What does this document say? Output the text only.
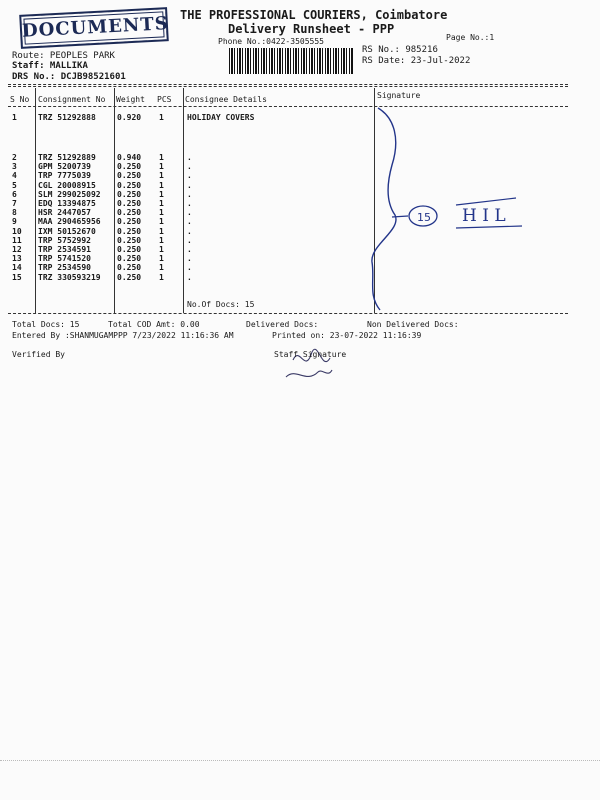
DOCUMENTS THE PROFESSIONAL COURIERS, Coimbatore
Delivery Runsheet - PPP
Phone No.:0422-3505555	Page No.:1
Route: PEOPLES PARK
Staff: MALLIKA
DRS No.: DCJB98521601
RS No.: 985216
RS Date: 23-Jul-2022
S No Consignment No Weight PCS Consignee Details	Signature
1	TRZ 51292888	0.920 1	HOLIDAY COVERS
2	TRZ 51292889	0.940 1	.
3	GPM 5200739	0.250 1	.
4	TRP 7775039	0.250 1	.
5	CGL 20008915	0.250 1	.
6	SLM 299025092 0.250 1	.
7	EDQ 13394875	0.250 1	.
8	HSR 2447057	0.250 1	.
9	MAA 290465956 0.250 1	.
10 IXM 50152670	0.250 1	.
11 TRP 5752992	0.250 1	.
12 TRP 2534591	0.250 1	.
13 TRP 5741520	0.250 1	.
14 TRP 2534590	0.250 1	.
15 TRZ 330593219 0.250 1	.
No.Of Docs: 15
15 H I L
Total Docs: 15	Total COD Amt: 0.00	Delivered Docs:	Non Delivered Docs:
Entered By :SHANMUGAMPPP 7/23/2022 11:16:36 AM	Printed on: 23-07-2022 11:16:39
Verified By	Staff Signature
